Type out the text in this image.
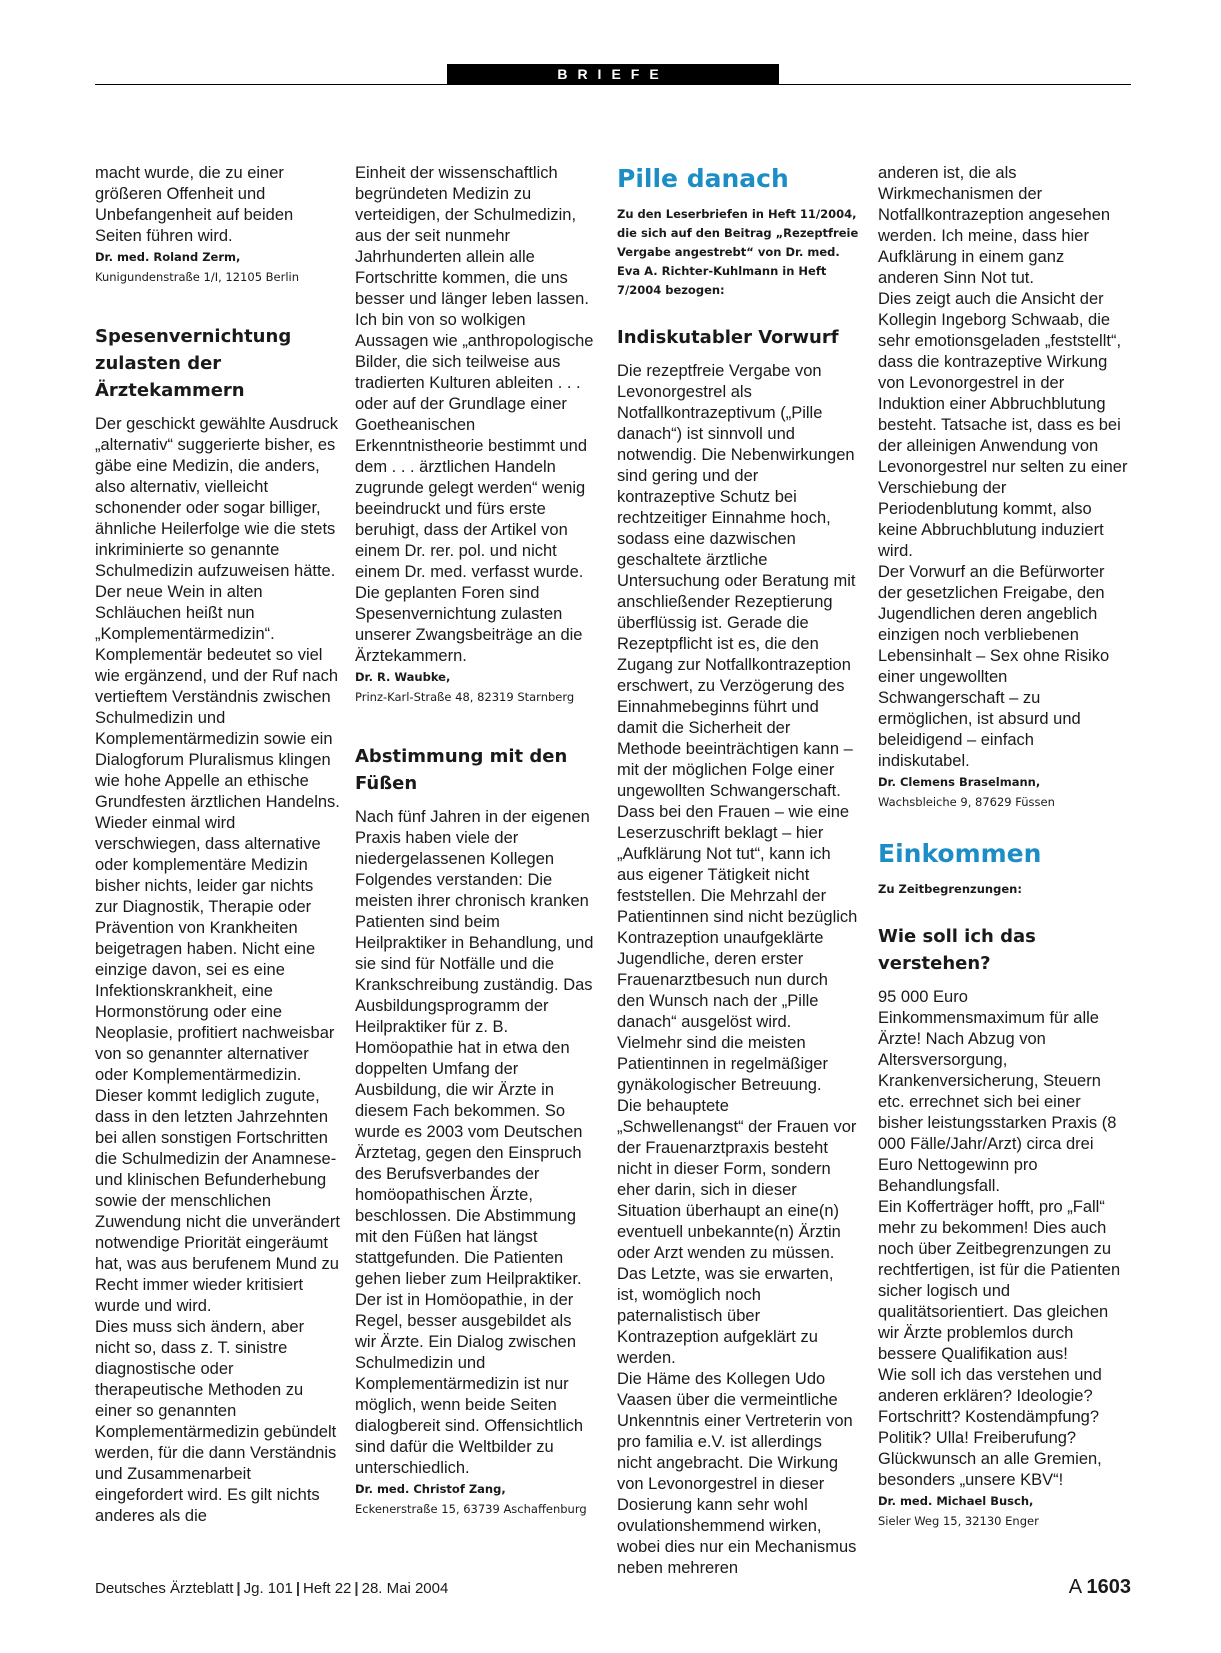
BRIEFE

macht wurde, die zu einer größeren Offenheit und Unbefangenheit auf beiden Seiten führen wird.

Dr. med. Roland Zerm,
Kunigundenstraße 1/I, 12105 Berlin
Spesenvernichtung zulasten der Ärztekammern

Der geschickt gewählte Ausdruck „alternativ“ suggerierte bisher, es gäbe eine Medizin, die anders, also alternativ, vielleicht schonender oder sogar billiger, ähnliche Heilerfolge wie die stets inkriminierte so genannte Schulmedizin aufzuweisen hätte. Der neue Wein in alten Schläuchen heißt nun „Komplementärmedizin“. Komplementär bedeutet so viel wie ergänzend, und der Ruf nach vertieftem Verständnis zwischen Schulmedizin und Komplementärmedizin sowie ein Dialogforum Pluralismus klingen wie hohe Appelle an ethische Grundfesten ärztlichen Handelns. Wieder einmal wird verschwiegen, dass alternative oder komplementäre Medizin bisher nichts, leider gar nichts zur Diagnostik, Therapie oder Prävention von Krankheiten beigetragen haben. Nicht eine einzige davon, sei es eine Infektionskrankheit, eine Hormonstörung oder eine Neoplasie, profitiert nachweisbar von so genannter alternativer oder Komplementärmedizin. Dieser kommt lediglich zugute, dass in den letzten Jahrzehnten bei allen sonstigen Fortschritten die Schulmedizin der Anamnese- und klinischen Befunderhebung sowie der menschlichen Zuwendung nicht die unverändert notwendige Priorität eingeräumt hat, was aus berufenem Mund zu Recht immer wieder kritisiert wurde und wird.

Dies muss sich ändern, aber nicht so, dass z. T. sinistre diagnostische oder therapeutische Methoden zu einer so genannten Komplementärmedizin gebündelt werden, für die dann Verständnis und Zusammenarbeit eingefordert wird. Es gilt nichts anderes als die

Einheit der wissenschaftlich begründeten Medizin zu verteidigen, der Schulmedizin, aus der seit nunmehr Jahrhunderten allein alle Fortschritte kommen, die uns besser und länger leben lassen. Ich bin von so wolkigen Aussagen wie „anthropologische Bilder, die sich teilweise aus tradierten Kulturen ableiten . . . oder auf der Grundlage einer Goetheanischen Erkenntnistheorie bestimmt und dem . . . ärztlichen Handeln zugrunde gelegt werden“ wenig beeindruckt und fürs erste beruhigt, dass der Artikel von einem Dr. rer. pol. und nicht einem Dr. med. verfasst wurde. Die geplanten Foren sind Spesenvernichtung zulasten unserer Zwangsbeiträge an die Ärztekammern.

Dr. R. Waubke,
Prinz-Karl-Straße 48, 82319 Starnberg
Abstimmung mit den Füßen

Nach fünf Jahren in der eigenen Praxis haben viele der niedergelassenen Kollegen Folgendes verstanden: Die meisten ihrer chronisch kranken Patienten sind beim Heilpraktiker in Behandlung, und sie sind für Notfälle und die Krankschreibung zuständig. Das Ausbildungsprogramm der Heilpraktiker für z. B. Homöopathie hat in etwa den doppelten Umfang der Ausbildung, die wir Ärzte in diesem Fach bekommen. So wurde es 2003 vom Deutschen Ärztetag, gegen den Einspruch des Berufsverbandes der homöopathischen Ärzte, beschlossen. Die Abstimmung mit den Füßen hat längst stattgefunden. Die Patienten gehen lieber zum Heilpraktiker. Der ist in Homöopathie, in der Regel, besser ausgebildet als wir Ärzte. Ein Dialog zwischen Schulmedizin und Komplementärmedizin ist nur möglich, wenn beide Seiten dialogbereit sind. Offensichtlich sind dafür die Weltbilder zu unterschiedlich.

Dr. med. Christof Zang,
Eckenerstraße 15, 63739 Aschaffenburg
Pille danach

Zu den Leserbriefen in Heft 11/2004, die sich auf den Beitrag „Rezeptfreie Vergabe angestrebt“ von Dr. med. Eva A. Richter-Kuhlmann in Heft 7/2004 bezogen:

Indiskutabler Vorwurf

Die rezeptfreie Vergabe von Levonorgestrel als Notfallkontrazeptivum („Pille danach“) ist sinnvoll und notwendig. Die Nebenwirkungen sind gering und der kontrazeptive Schutz bei rechtzeitiger Einnahme hoch, sodass eine dazwischen geschaltete ärztliche Untersuchung oder Beratung mit anschließender Rezeptierung überflüssig ist. Gerade die Rezeptpflicht ist es, die den Zugang zur Notfallkontrazeption erschwert, zu Verzögerung des Einnahmebeginns führt und damit die Sicherheit der Methode beeinträchtigen kann – mit der möglichen Folge einer ungewollten Schwangerschaft.

Dass bei den Frauen – wie eine Leserzuschrift beklagt – hier „Aufklärung Not tut“, kann ich aus eigener Tätigkeit nicht feststellen. Die Mehrzahl der Patientinnen sind nicht bezüglich Kontrazeption unaufgeklärte Jugendliche, deren erster Frauenarztbesuch nun durch den Wunsch nach der „Pille danach“ ausgelöst wird. Vielmehr sind die meisten Patientinnen in regelmäßiger gynäkologischer Betreuung.

Die behauptete „Schwellenangst“ der Frauen vor der Frauenarztpraxis besteht nicht in dieser Form, sondern eher darin, sich in dieser Situation überhaupt an eine(n) eventuell unbekannte(n) Ärztin oder Arzt wenden zu müssen. Das Letzte, was sie erwarten, ist, womöglich noch paternalistisch über Kontrazeption aufgeklärt zu werden.

Die Häme des Kollegen Udo Vaasen über die vermeintliche Unkenntnis einer Vertreterin von pro familia e.V. ist allerdings nicht angebracht. Die Wirkung von Levonorgestrel in dieser Dosierung kann sehr wohl ovulationshemmend wirken, wobei dies nur ein Mechanismus neben mehreren

anderen ist, die als Wirkmechanismen der Notfallkontrazeption angesehen werden. Ich meine, dass hier Aufklärung in einem ganz anderen Sinn Not tut.

Dies zeigt auch die Ansicht der Kollegin Ingeborg Schwaab, die sehr emotionsgeladen „feststellt“, dass die kontrazeptive Wirkung von Levonorgestrel in der Induktion einer Abbruchblutung besteht. Tatsache ist, dass es bei der alleinigen Anwendung von Levonorgestrel nur selten zu einer Verschiebung der Periodenblutung kommt, also keine Abbruchblutung induziert wird.

Der Vorwurf an die Befürworter der gesetzlichen Freigabe, den Jugendlichen deren angeblich einzigen noch verbliebenen Lebensinhalt – Sex ohne Risiko einer ungewollten Schwangerschaft – zu ermöglichen, ist absurd und beleidigend – einfach indiskutabel.

Dr. Clemens Braselmann,
Wachsbleiche 9, 87629 Füssen
Einkommen

Zu Zeitbegrenzungen:

Wie soll ich das verstehen?

95 000 Euro Einkommensmaximum für alle Ärzte! Nach Abzug von Altersversorgung, Krankenversicherung, Steuern etc. errechnet sich bei einer bisher leistungsstarken Praxis (8 000 Fälle/Jahr/Arzt) circa drei Euro Nettogewinn pro Behandlungsfall.

Ein Kofferträger hofft, pro „Fall“ mehr zu bekommen! Dies auch noch über Zeitbegrenzungen zu rechtfertigen, ist für die Patienten sicher logisch und qualitätsorientiert. Das gleichen wir Ärzte problemlos durch bessere Qualifikation aus!

Wie soll ich das verstehen und anderen erklären? Ideologie? Fortschritt? Kostendämpfung? Politik? Ulla! Freiberufung? Glückwunsch an alle Gremien, besonders „unsere KBV“!

Dr. med. Michael Busch,
Sieler Weg 15, 32130 Enger
Deutsches Ärzteblatt | Jg. 101 | Heft 22 | 28. Mai 2004	A 1603
